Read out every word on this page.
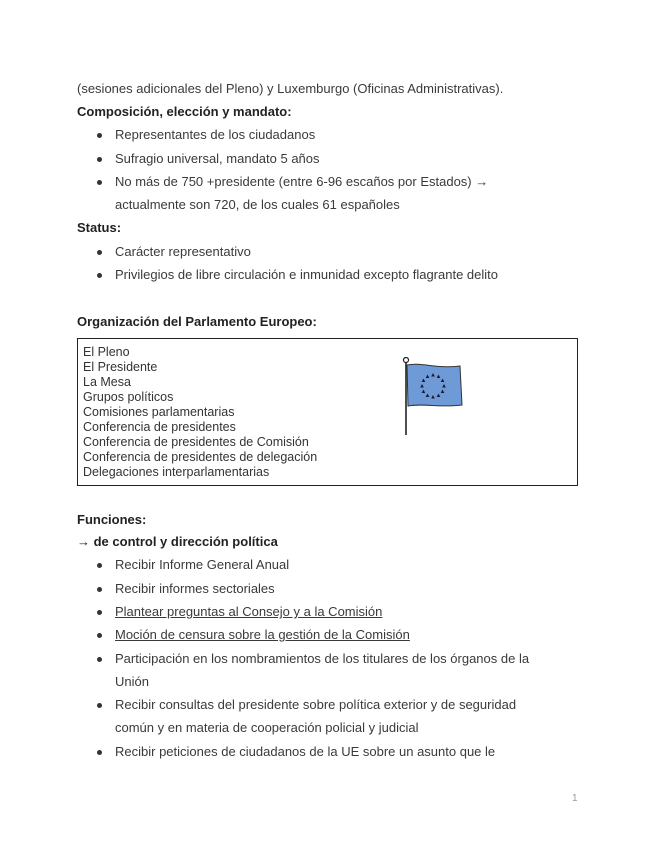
(sesiones adicionales del Pleno) y Luxemburgo (Oficinas Administrativas).
Composición, elección y mandato:
Representantes de los ciudadanos
Sufragio universal, mandato 5 años
No más de 750 +presidente (entre 6-96 escaños por Estados) →
actualmente son 720, de los cuales 61 españoles
Status:
Carácter representativo
Privilegios de libre circulación e inmunidad excepto flagrante delito
Organización del Parlamento Europeo:
El Pleno
El Presidente
La Mesa
Grupos políticos
Comisiones parlamentarias
Conferencia de presidentes
Conferencia de presidentes de Comisión
Conferencia de presidentes de delegación
Delegaciones interparlamentarias
Funciones:
→ de control y dirección política
Recibir Informe General Anual
Recibir informes sectoriales
Plantear preguntas al Consejo y a la Comisión
Moción de censura sobre la gestión de la Comisión
Participación en los nombramientos de los titulares de los órganos de la
Unión
Recibir consultas del presidente sobre política exterior y de seguridad
común y en materia de cooperación policial y judicial
Recibir peticiones de ciudadanos de la UE sobre un asunto que le
1
